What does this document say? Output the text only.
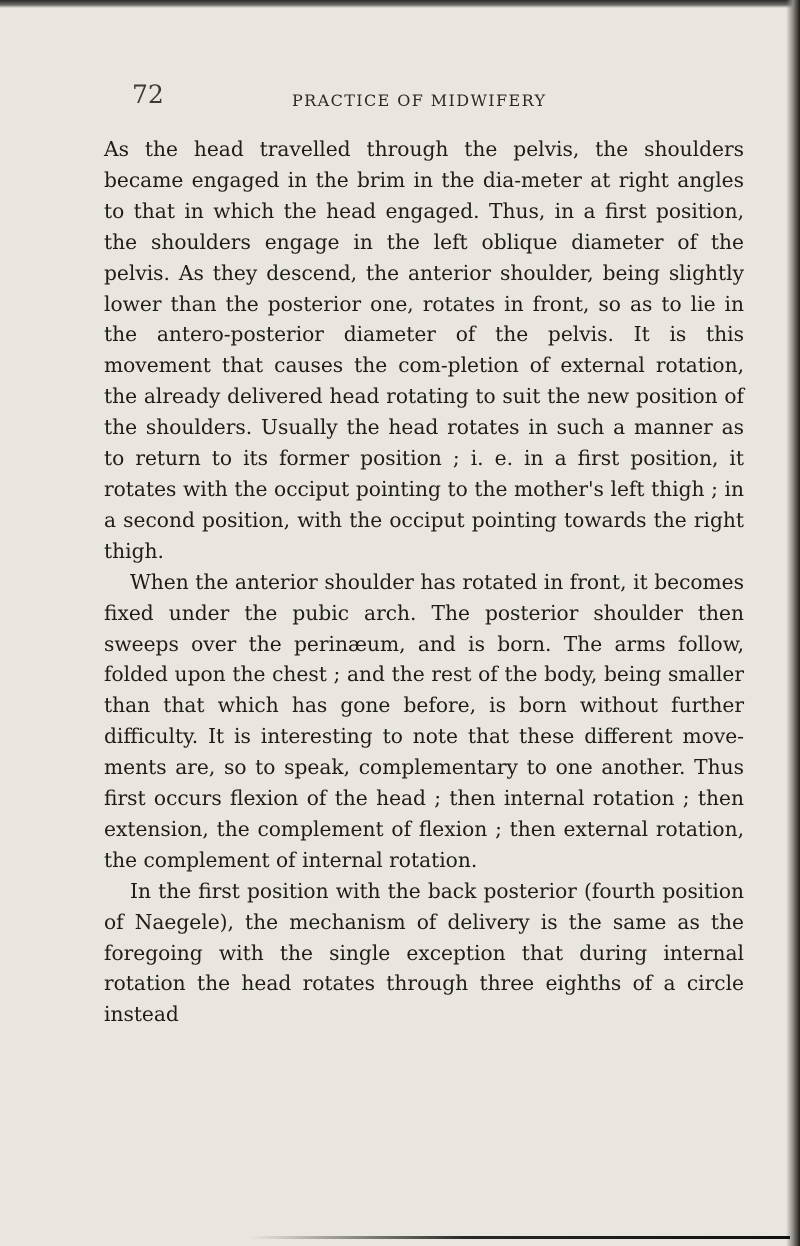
72	PRACTICE OF MIDWIFERY

As the head travelled through the pelvis, the shoulders became engaged in the brim in the dia-meter at right angles to that in which the head engaged. Thus, in a first position, the shoulders engage in the left oblique diameter of the pelvis. As they descend, the anterior shoulder, being slightly lower than the posterior one, rotates in front, so as to lie in the antero-posterior diameter of the pelvis. It is this movement that causes the com-pletion of external rotation, the already delivered head rotating to suit the new position of the shoulders. Usually the head rotates in such a manner as to return to its former position ; i. e. in a first position, it rotates with the occiput pointing to the mother's left thigh ; in a second position, with the occiput pointing towards the right thigh.

When the anterior shoulder has rotated in front, it becomes fixed under the pubic arch. The posterior shoulder then sweeps over the perinæum, and is born. The arms follow, folded upon the chest ; and the rest of the body, being smaller than that which has gone before, is born without further difficulty. It is interesting to note that these different move-ments are, so to speak, complementary to one another. Thus first occurs flexion of the head ; then internal rotation ; then extension, the complement of flexion ; then external rotation, the complement of internal rotation.

In the first position with the back posterior (fourth position of Naegele), the mechanism of delivery is the same as the foregoing with the single exception that during internal rotation the head rotates through three eighths of a circle instead
